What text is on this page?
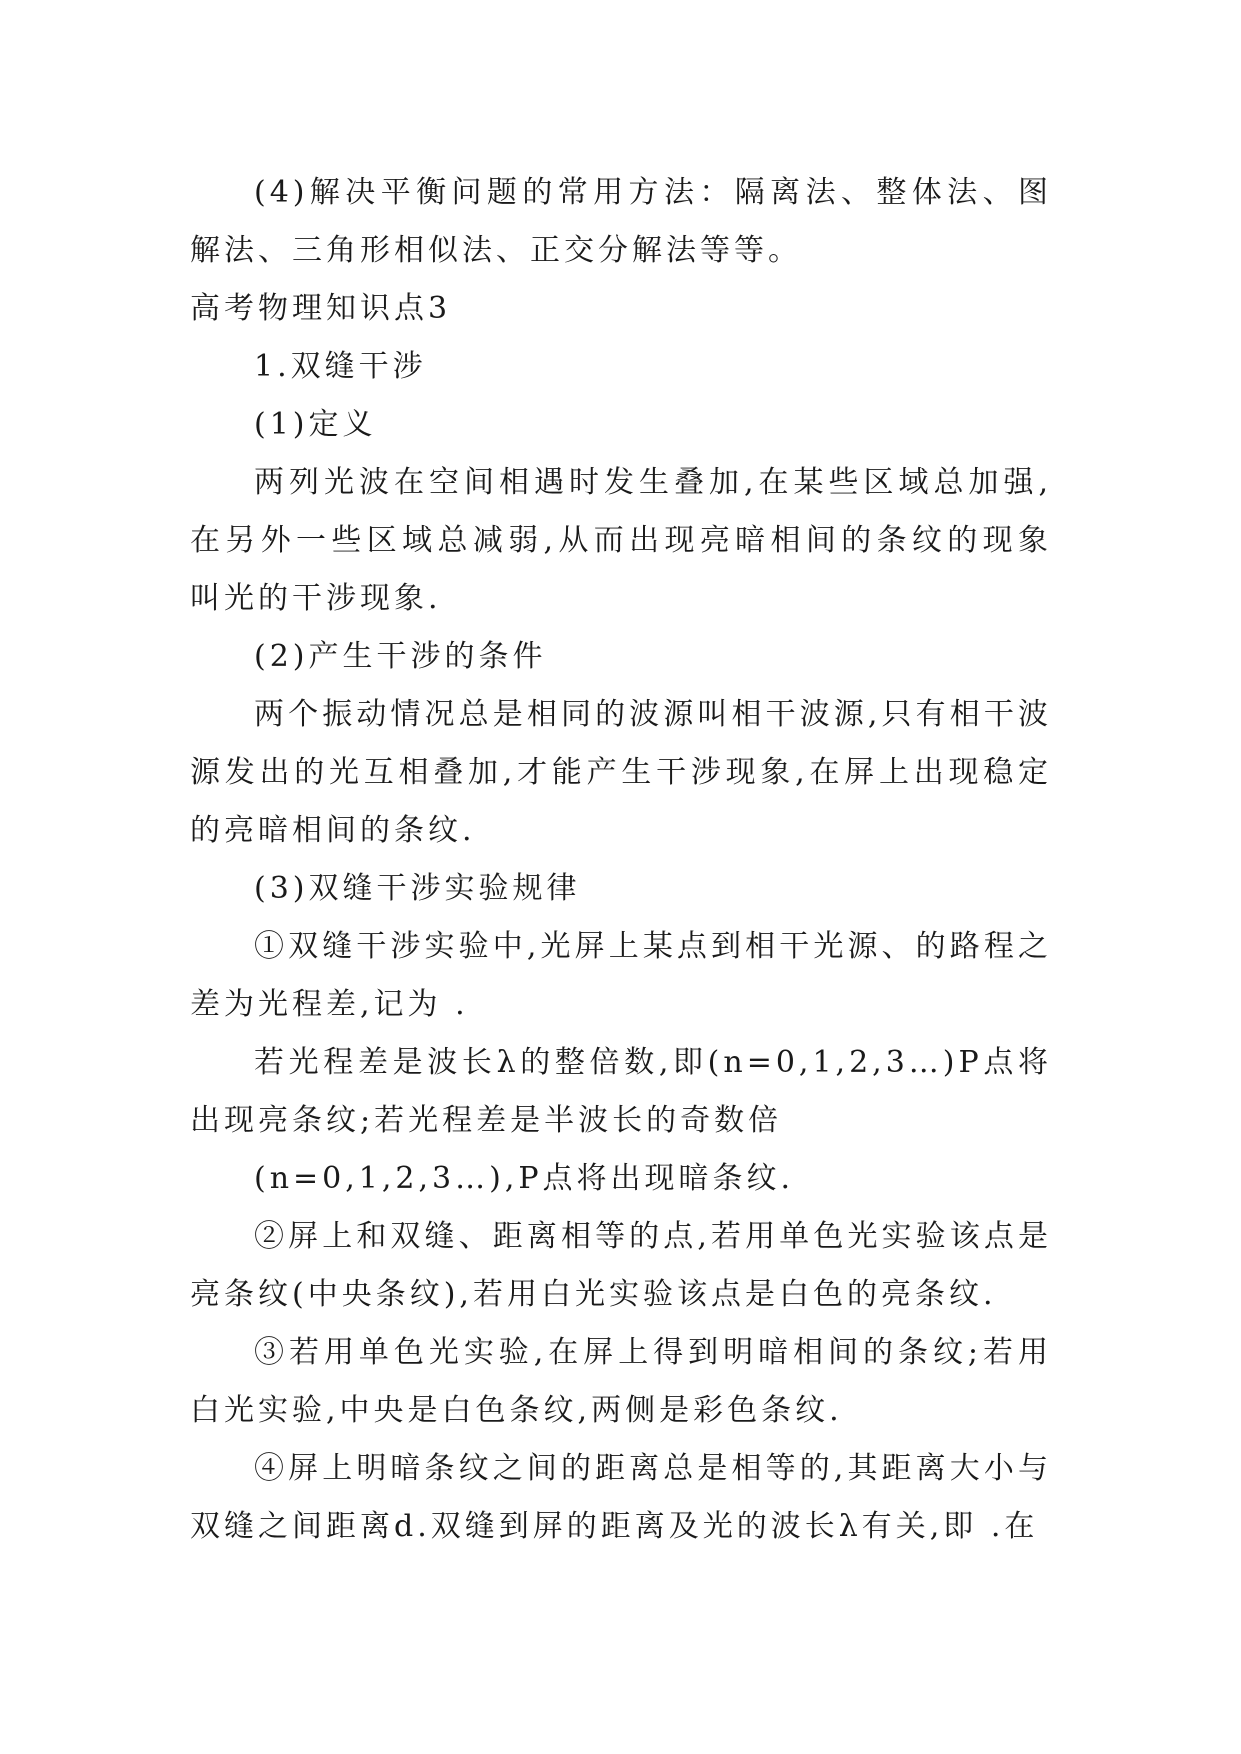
(4)解决平衡问题的常用方法：隔离法、整体法、图解法、三角形相似法、正交分解法等等。

高考物理知识点3

1.双缝干涉

(1)定义

两列光波在空间相遇时发生叠加,在某些区域总加强,在另外一些区域总减弱,从而出现亮暗相间的条纹的现象叫光的干涉现象.

(2)产生干涉的条件

两个振动情况总是相同的波源叫相干波源,只有相干波源发出的光互相叠加,才能产生干涉现象,在屏上出现稳定的亮暗相间的条纹.

(3)双缝干涉实验规律

①双缝干涉实验中,光屏上某点到相干光源、的路程之差为光程差,记为 .

若光程差是波长λ的整倍数,即(n=0,1,2,3…)P点将出现亮条纹;若光程差是半波长的奇数倍

(n=0,1,2,3…),P点将出现暗条纹.

②屏上和双缝、距离相等的点,若用单色光实验该点是亮条纹(中央条纹),若用白光实验该点是白色的亮条纹.

③若用单色光实验,在屏上得到明暗相间的条纹;若用白光实验,中央是白色条纹,两侧是彩色条纹.

④屏上明暗条纹之间的距离总是相等的,其距离大小与双缝之间距离d.双缝到屏的距离及光的波长λ有关,即 .在
